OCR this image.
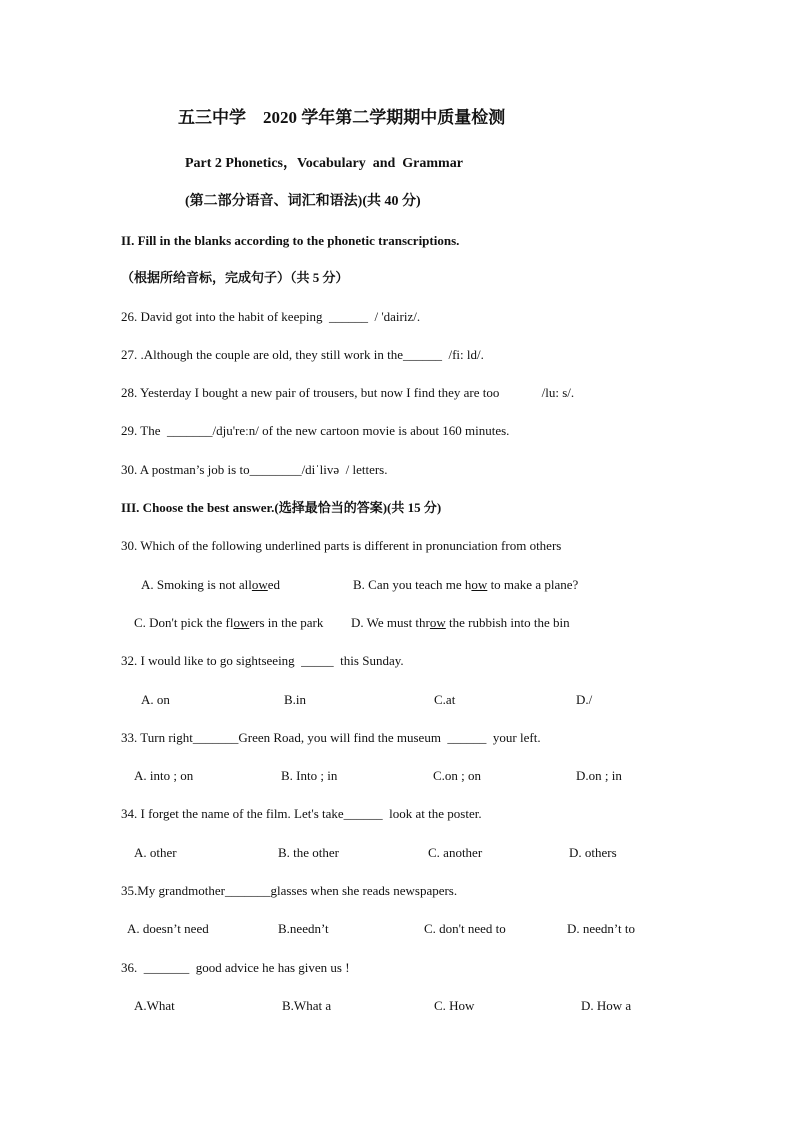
五三中学    2020 学年第二学期期中质量检测
Part 2 Phonetics，Vocabulary  and  Grammar
(第二部分语音、词汇和语法)(共 40 分)
II. Fill in the blanks according to the phonetic transcriptions.
（根据所给音标，完成句子）（共 5 分）
26. David got into the habit of keeping  ______  / 'dairiz/.
27. .Although the couple are old, they still work in the______  /fi: ld/.
28. Yesterday I bought a new pair of trousers, but now I find they are too             /lu: s/.
29. The  _______/dju'reːn/ of the new cartoon movie is about 160 minutes.
30. A postman’s job is to________/diˈlivə  / letters.
III. Choose the best answer.(选择最恰当的答案)(共 15 分)
30. Which of the following underlined parts is different in pronunciation from others
A. Smoking is not allowed	B. Can you teach me how to make a plane?
C. Don't pick the flowers in the park D. We must throw the rubbish into the bin
32. I would like to go sightseeing  _____  this Sunday.
A. on	B.in	C.at	D./
33. Turn right_______Green Road, you will find the museum  ______  your left.
A. into ; on	B. Into ; in	C.on ; on	D.on ; in
34. I forget the name of the film. Let's take______  look at the poster.
A. other	B. the other	C. another	D. others
35.My grandmother_______glasses when she reads newspapers.
A. doesn’t need	B.needn’t	C. don't need to	D. needn’t to
36.  _______  good advice he has given us !
A.What	B.What a	C. How	D. How a
